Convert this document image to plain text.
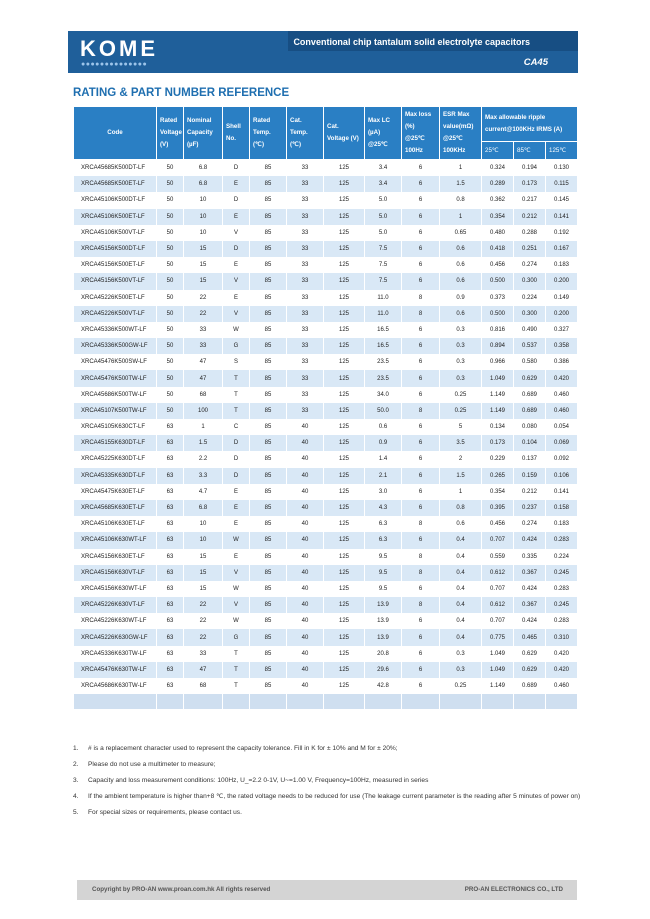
KOME
●●●●●●●●●●●●●●
Conventional chip tantalum solid electrolyte capacitors
CA45
RATING & PART NUMBER REFERENCE
Code	Rated Voltage (V)	Nominal Capacity (µF)	Shell No.	Rated Temp. (℃)	Cat. Temp. (℃)	Cat. Voltage (V)	Max LC (µA) @25℃	Max loss (%) @25℃ 100Hz	ESR Max value(mΩ) @25℃ 100KHz	Max allowable ripple current@100KHz IRMS (A)		
										25℃	85℃	125℃
XRCA45685K500DT-LF	50	6.8	D	85	33	125	3.4	6	1	0.324	0.194	0.130
XRCA45685K500ET-LF	50	6.8	E	85	33	125	3.4	6	1.5	0.289	0.173	0.115
XRCA45106K500DT-LF	50	10	D	85	33	125	5.0	6	0.8	0.362	0.217	0.145
XRCA45106K500ET-LF	50	10	E	85	33	125	5.0	6	1	0.354	0.212	0.141
XRCA45106K500VT-LF	50	10	V	85	33	125	5.0	6	0.65	0.480	0.288	0.192
XRCA45156K500DT-LF	50	15	D	85	33	125	7.5	6	0.6	0.418	0.251	0.167
XRCA45156K500ET-LF	50	15	E	85	33	125	7.5	6	0.6	0.456	0.274	0.183
XRCA45156K500VT-LF	50	15	V	85	33	125	7.5	6	0.6	0.500	0.300	0.200
XRCA45226K500ET-LF	50	22	E	85	33	125	11.0	8	0.9	0.373	0.224	0.149
XRCA45226K500VT-LF	50	22	V	85	33	125	11.0	8	0.6	0.500	0.300	0.200
XRCA45336K500WT-LF	50	33	W	85	33	125	16.5	6	0.3	0.816	0.490	0.327
XRCA45336K500GW-LF	50	33	G	85	33	125	16.5	6	0.3	0.894	0.537	0.358
XRCA45476K500SW-LF	50	47	S	85	33	125	23.5	6	0.3	0.966	0.580	0.386
XRCA45476K500TW-LF	50	47	T	85	33	125	23.5	6	0.3	1.049	0.629	0.420
XRCA45686K500TW-LF	50	68	T	85	33	125	34.0	6	0.25	1.149	0.689	0.460
XRCA45107K500TW-LF	50	100	T	85	33	125	50.0	8	0.25	1.149	0.689	0.460
XRCA45105K630CT-LF	63	1	C	85	40	125	0.6	6	5	0.134	0.080	0.054
XRCA45155K630DT-LF	63	1.5	D	85	40	125	0.9	6	3.5	0.173	0.104	0.069
XRCA45225K630DT-LF	63	2.2	D	85	40	125	1.4	6	2	0.229	0.137	0.092
XRCA45335K630DT-LF	63	3.3	D	85	40	125	2.1	6	1.5	0.265	0.159	0.106
XRCA45475K630ET-LF	63	4.7	E	85	40	125	3.0	6	1	0.354	0.212	0.141
XRCA45685K630ET-LF	63	6.8	E	85	40	125	4.3	6	0.8	0.395	0.237	0.158
XRCA45106K630ET-LF	63	10	E	85	40	125	6.3	8	0.6	0.456	0.274	0.183
XRCA45106K630WT-LF	63	10	W	85	40	125	6.3	6	0.4	0.707	0.424	0.283
XRCA45156K630ET-LF	63	15	E	85	40	125	9.5	8	0.4	0.559	0.335	0.224
XRCA45156K630VT-LF	63	15	V	85	40	125	9.5	8	0.4	0.612	0.367	0.245
XRCA45156K630WT-LF	63	15	W	85	40	125	9.5	6	0.4	0.707	0.424	0.283
XRCA45226K630VT-LF	63	22	V	85	40	125	13.9	8	0.4	0.612	0.367	0.245
XRCA45226K630WT-LF	63	22	W	85	40	125	13.9	6	0.4	0.707	0.424	0.283
XRCA45226K630GW-LF	63	22	G	85	40	125	13.9	6	0.4	0.775	0.465	0.310
XRCA45336K630TW-LF	63	33	T	85	40	125	20.8	6	0.3	1.049	0.629	0.420
XRCA45476K630TW-LF	63	47	T	85	40	125	29.6	6	0.3	1.049	0.629	0.420
XRCA45686K630TW-LF	63	68	T	85	40	125	42.8	6	0.25	1.149	0.689	0.460

1.	# is a replacement character used to represent the capacity tolerance. Fill in K for ± 10% and M for ± 20%;
2.	Please do not use a multimeter to measure;
3.	Capacity and loss measurement conditions: 100Hz, U_=2.2 0-1V, U~=1.00 V, Frequency=100Hz, measured in series
4.	If the ambient temperature is higher than+8 ℃, the rated voltage needs to be reduced for use (The leakage current parameter is the reading after 5 minutes of power on)
5.	For special sizes or requirements, please contact us.
Copyright by PRO-AN www.proan.com.hk All rights reserved	PRO-AN ELECTRONICS CO., LTD
